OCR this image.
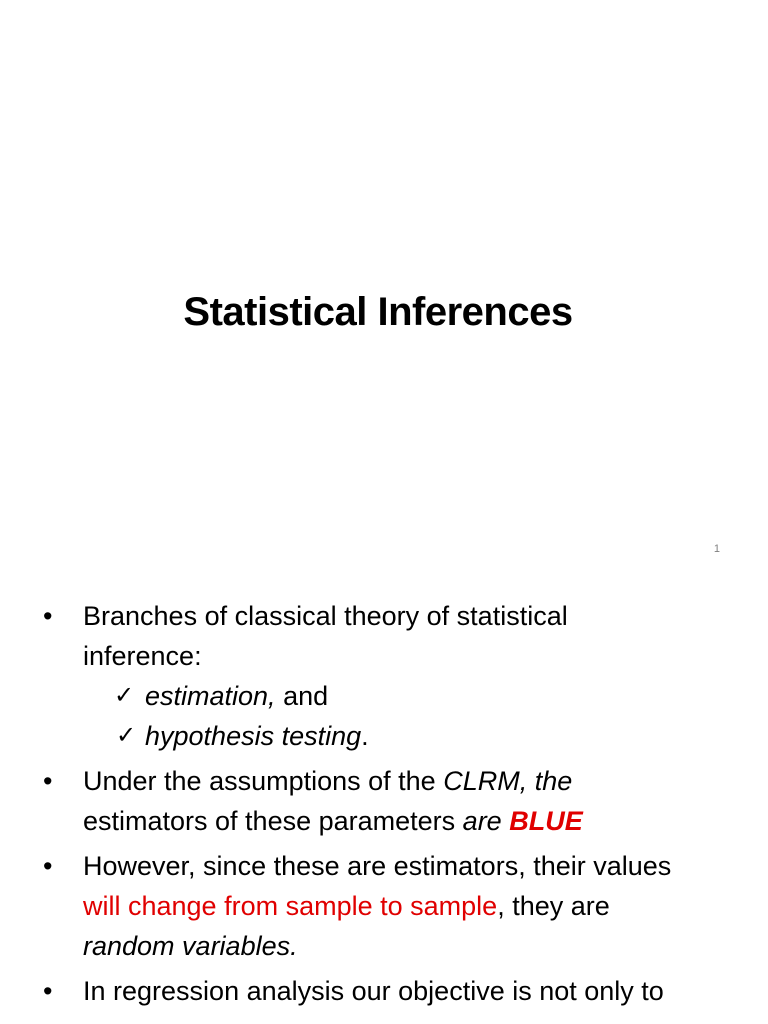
Statistical Inferences

1

• Branches of classical theory of statistical
inference:
✓ estimation, and
✓ hypothesis testing.
• Under the assumptions of the CLRM, the
estimators of these parameters are BLUE
• However, since these are estimators, their values
will change from sample to sample, they are
random variables.
• In regression analysis our objective is not only to
